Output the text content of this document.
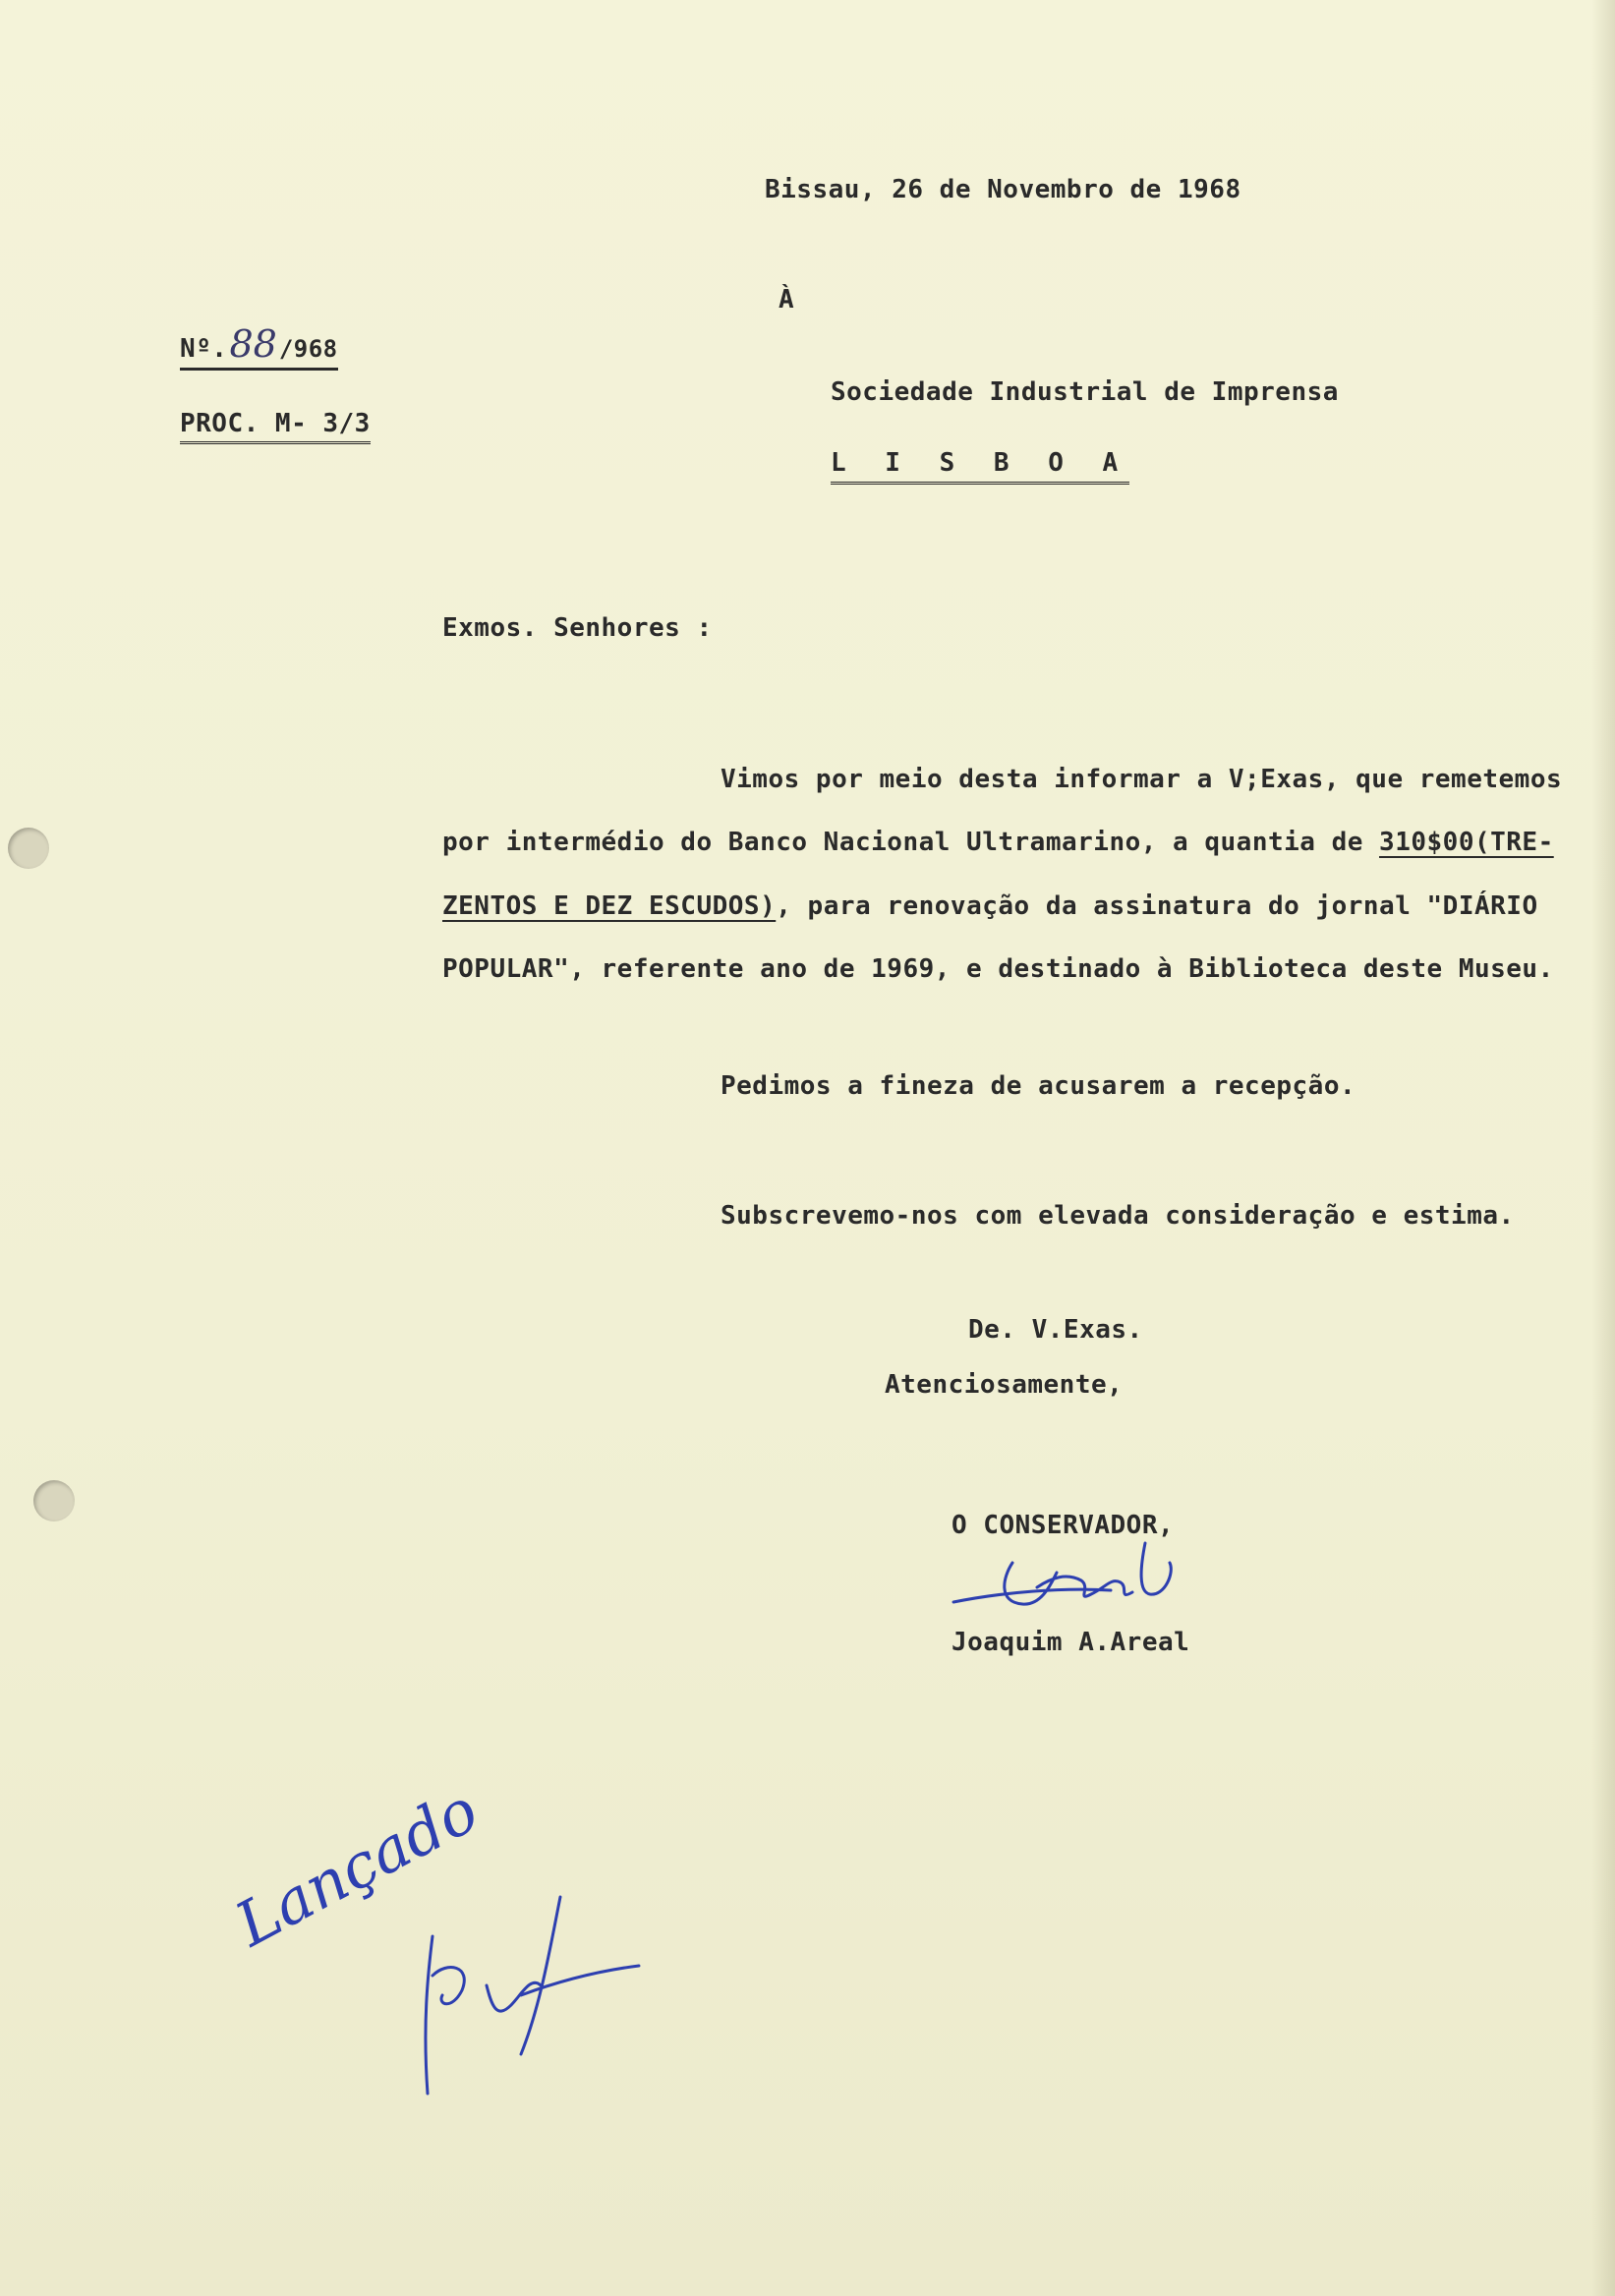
Bissau, 26 de Novembro de 1968
Nº.88/968
PROC. M- 3/3
À
Sociedade Industrial de Imprensa
L I S B O A
Exmos. Senhores :
Vimos por meio desta informar a V;Exas, que remetemos
por intermédio do Banco Nacional Ultramarino, a quantia de 310$00(TRE-
ZENTOS E DEZ ESCUDOS), para renovação da assinatura do jornal "DIÁRIO
POPULAR", referente ano de 1969, e destinado à Biblioteca deste Museu.
Pedimos a fineza de acusarem a recepção.
Subscrevemo-nos com elevada consideração e estima.
De. V.Exas.
Atenciosamente,
O CONSERVADOR,
Joaquim A.Areal
Lançado
